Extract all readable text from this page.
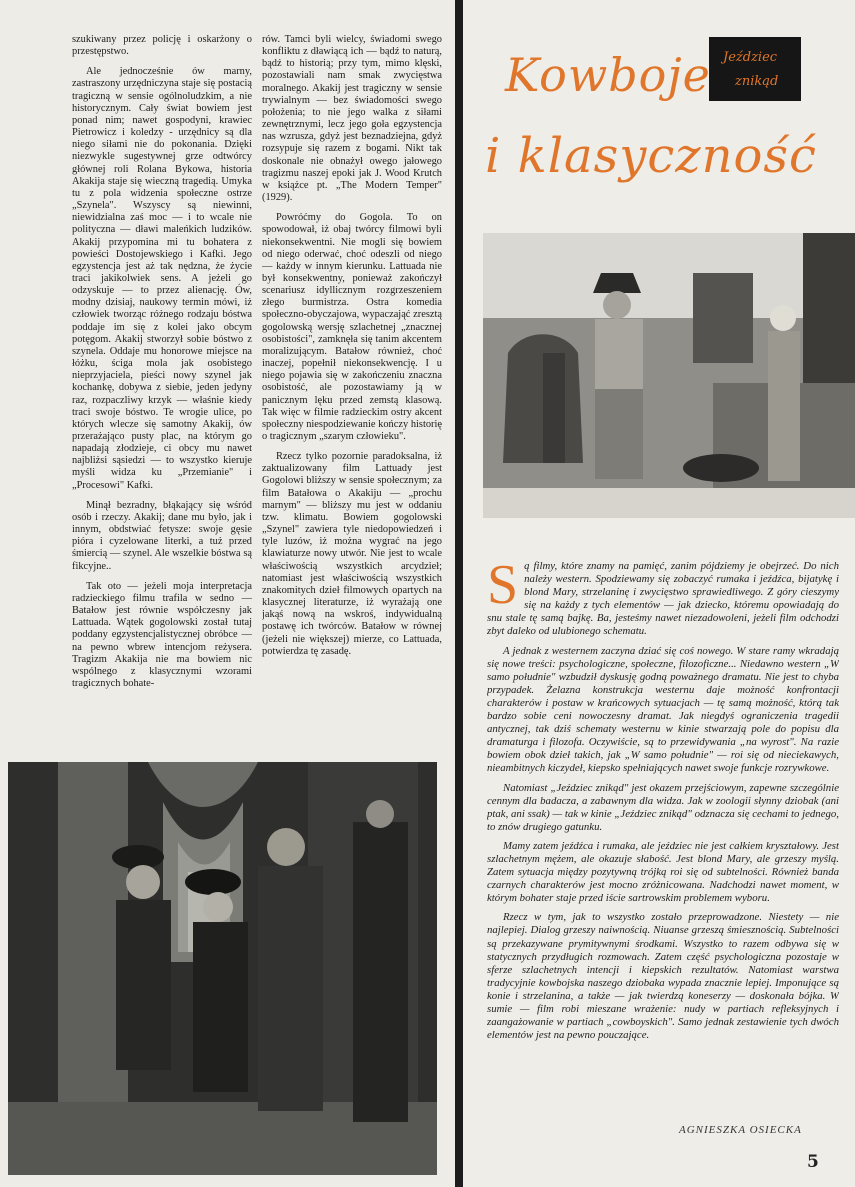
szukiwany przez policję i oskarżony o przestępstwo.

Ale jednocześnie ów marny, zastraszony urzędniczyna staje się postacią tragiczną w sensie ogólnoludzkim, a nie historycznym. Cały świat bowiem jest ponad nim; nawet gospodyni, krawiec Pietrowicz i koledzy - urzędnicy są dla niego siłami nie do pokonania. Dzięki niezwykle sugestywnej grze odtwórcy głównej roli Rolana Bykowa, historia Akakija staje się wieczną tragedią. Umyka tu z pola widzenia społeczne ostrze „Szynela". Wszyscy są niewinni, niewidzialna zaś moc — i to wcale nie polityczna — dławi maleńkich ludzików. Akakij przypomina mi tu bohatera z powieści Dostojewskiego i Kafki. Jego egzystencja jest aż tak nędzna, że życie traci jakikolwiek sens. A jeżeli go odzyskuje — to przez alienację. Ów, modny dzisiaj, naukowy termin mówi, iż człowiek tworząc różnego rodzaju bóstwa poddaje im się z kolei jako obcym potęgom. Akakij stworzył sobie bóstwo z szynela. Oddaje mu honorowe miejsce na łóżku, ściga mola jak osobistego nieprzyjaciela, pieści nowy szynel jak kochankę, dobywa z siebie, jeden jedyny raz, rozpaczliwy krzyk — właśnie kiedy traci swoje bóstwo. Te wrogie ulice, po których wlecze się samotny Akakij, ów przerażająco pusty plac, na którym go napadają złodzieje, ci obcy mu nawet najbliżsi sąsiedzi — to wszystko kieruje myśli widza ku „Przemianie" i „Procesowi" Kafki.

Minął bezradny, błąkający się wśród osób i rzeczy. Akakij; dane mu było, jak i innym, obdstwiać fetysze: swoje gęsie pióra i cyzelowane literki, a tuż przed śmiercią — szynel. Ale wszelkie bóstwa są fikcyjne..

Tak oto — jeżeli moja interpretacja radzieckiego filmu trafila w sedno — Batałow jest równie współczesny jak Lattuada. Wątek gogolowski został tutaj poddany egzystencjalistycznej obróbce — na pewno wbrew intencjom reżysera. Tragizm Akakija nie ma bowiem nic wspólnego z klasycznymi wzorami tragicznych bohate-

rów. Tamci byli wielcy, świadomi swego konfliktu z dławiącą ich — bądź to naturą, bądź to historią; przy tym, mimo klęski, pozostawiali nam smak zwycięstwa moralnego. Akakij jest tragiczny w sensie trywialnym — bez świadomości swego położenia; to nie jego walka z siłami zewnętrznymi, lecz jego goła egzystencja nas wzrusza, gdyż jest beznadziejna, gdyż rozsypuje się razem z bogami. Nikt tak doskonale nie obnażył owego jałowego tragizmu naszej epoki jak J. Wood Krutch w książce pt. „The Modern Temper" (1929).

Powróćmy do Gogola. To on spowodował, iż obaj twórcy filmowi byli niekonsekwentni. Nie mogli się bowiem od niego oderwać, choć odeszli od niego — każdy w innym kierunku. Lattuada nie był konsekwentny, ponieważ zakończył scenariusz idyllicznym rozgrzeszeniem złego burmistrza. Ostra komedia społeczno-obyczajowa, wypaczająć zresztą gogolowską wersję szlachetnej „znacznej osobistości", zamknęła się tanim akcentem moralizującym. Batałow również, choć inaczej, popełnił niekonsekwencję. I u niego pojawia się w zakończeniu znaczna osobistość, ale pozostawiamy ją w panicznym lęku przed zemstą klasową. Tak więc w filmie radzieckim ostry akcent społeczny niespodziewanie kończy historię o tragicznym „szarym człowieku".

Rzecz tylko pozornie paradoksalna, iż zaktualizowany film Lattuady jest Gogolowi bliższy w sensie społecznym; za film Batałowa o Akakiju — „prochu marnym" — bliższy mu jest w oddaniu tzw. klimatu. Bowiem gogolowski „Szynel" zawiera tyle niedopowiedzeń i tyle luzów, iż można wygrać na jego klawiaturze nowy utwór. Nie jest to wcale właściwością wszystkich arcydzieł; natomiast jest właściwością wszystkich znakomitych dzieł filmowych opartych na klasycznej literaturze, iż wyrażają one jakąś nową na wskroś, indywidualną postawę ich twórców. Batałow w równej (jeżeli nie większej) mierze, co Lattuada, potwierdza tę zasadę.

Jeździec
znikąd
Kowboje
i klasyczność

Są filmy, które znamy na pamięć, zanim pójdziemy je obejrzeć. Do nich należy western. Spodziewamy się zobaczyć rumaka i jeźdźca, bijatykę i blond Mary, strzelaninę i zwycięstwo sprawiedliwego. Z góry cieszymy się na każdy z tych elementów — jak dziecko, któremu opowiadają do snu stale tę samą bajkę. Ba, jesteśmy nawet niezadowoleni, jeżeli film odchodzi zbyt daleko od ulubionego schematu.

A jednak z westernem zaczyna dziać się coś nowego. W stare ramy wkradają się nowe treści: psychologiczne, społeczne, filozoficzne... Niedawno western „W samo południe" wzbudził dyskusję godną poważnego dramatu. Nie jest to chyba przypadek. Żelazna konstrukcja westernu daje możność konfrontacji charakterów i postaw w krańcowych sytuacjach — tę samą możność, którą tak bardzo sobie ceni nowoczesny dramat. Jak niegdyś ograniczenia tragedii antycznej, tak dziś schematy westernu w kinie stwarzają pole do popisu dla dramaturga i filozofa. Oczywiście, są to przewidywania „na wyrost". Na razie bowiem obok dzieł takich, jak „W samo południe" — roi się od nieciekawych, nieambitnych kiczydeł, kiepsko spełniających nawet swoje funkcje rozrywkowe.

Natomiast „Jeździec znikąd" jest okazem przejściowym, zapewne szczególnie cennym dla badacza, a zabawnym dla widza. Jak w zoologii słynny dziobak (ani ptak, ani ssak) — tak w kinie „Jeździec znikąd" odznacza się cechami to jednego, to znów drugiego gatunku.

Mamy zatem jeźdźca i rumaka, ale jeździec nie jest całkiem kryształowy. Jest szlachetnym mężem, ale okazuje słabość. Jest blond Mary, ale grzeszy myślą. Zatem sytuacja między pozytywną trójką roi się od subtelności. Również banda czarnych charakterów jest mocno zróżnicowana. Nadchodzi nawet moment, w którym bohater staje przed iście sartrowskim problemem wyboru.

Rzecz w tym, jak to wszystko zostało przeprowadzone. Niestety — nie najlepiej. Dialog grzeszy naiwnością. Niuanse grzeszą śmiesznością. Subtelności są przekazywane prymitywnymi środkami. Wszystko to razem odbywa się w statycznych przydługich rozmowach. Zatem część psychologiczna pozostaje w sferze szlachetnych intencji i kiepskich rezultatów. Natomiast warstwa tradycyjnie kowbojska naszego dziobaka wypada znacznie lepiej. Imponujące są konie i strzelanina, a także — jak twierdzą koneserzy — doskonała bójka. W sumie — film robi mieszane wrażenie: nudy w partiach refleksyjnych i zaangażowanie w partiach „cowboyskich". Samo jednak zestawienie tych dwóch elementów jest na pewno pouczające.

AGNIESZKA OSIECKA
5
